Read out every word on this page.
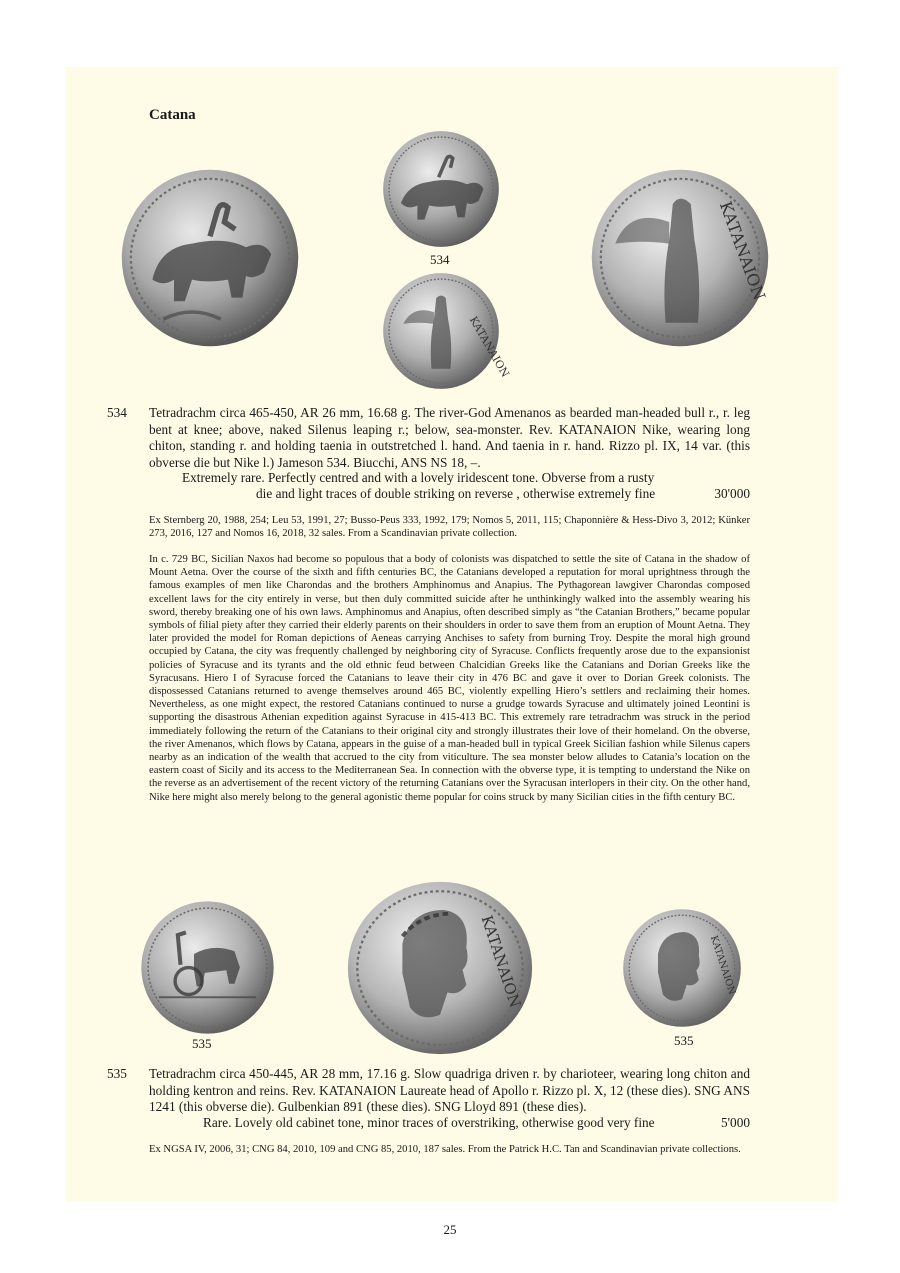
Catana
534
KATANAION
KATANAION
534 Tetradrachm circa 465-450, AR 26 mm, 16.68 g. The river-God Amenanos as bearded man-headed bull r., r. leg bent at knee; above, naked Silenus leaping r.; below, sea-monster. Rev. KATANAION Nike, wearing long chiton, standing r. and holding taenia in outstretched l. hand. And taenia in r. hand. Rizzo pl. IX, 14 var. (this obverse die but Nike l.) Jameson 534. Biucchi, ANS NS 18, –.
Extremely rare. Perfectly centred and with a lovely iridescent tone. Obverse from a rusty
die and light traces of double striking on reverse , otherwise extremely fine	30'000
Ex Sternberg 20, 1988, 254; Leu 53, 1991, 27; Busso-Peus 333, 1992, 179; Nomos 5, 2011, 115; Chaponnière & Hess-Divo 3, 2012; Künker 273, 2016, 127 and Nomos 16, 2018, 32 sales. From a Scandinavian private collection.
In c. 729 BC, Sicilian Naxos had become so populous that a body of colonists was dispatched to settle the site of Catana in the shadow of Mount Aetna. Over the course of the sixth and fifth centuries BC, the Catanians developed a reputation for moral uprightness through the famous examples of men like Charondas and the brothers Amphinomus and Anapius. The Pythagorean lawgiver Charondas composed excellent laws for the city entirely in verse, but then duly committed suicide after he unthinkingly walked into the assembly wearing his sword, thereby breaking one of his own laws. Amphinomus and Anapius, often described simply as “the Catanian Brothers,” became popular symbols of filial piety after they carried their elderly parents on their shoulders in order to save them from an eruption of Mount Aetna. They later provided the model for Roman depictions of Aeneas carrying Anchises to safety from burning Troy. Despite the moral high ground occupied by Catana, the city was frequently challenged by neighboring city of Syracuse. Conflicts frequently arose due to the expansionist policies of Syracuse and its tyrants and the old ethnic feud between Chalcidian Greeks like the Catanians and Dorian Greeks like the Syracusans. Hiero I of Syracuse forced the Catanians to leave their city in 476 BC and gave it over to Dorian Greek colonists. The dispossessed Catanians returned to avenge themselves around 465 BC, violently expelling Hiero’s settlers and reclaiming their homes. Nevertheless, as one might expect, the restored Catanians continued to nurse a grudge towards Syracuse and ultimately joined Leontini is supporting the disastrous Athenian expedition against Syracuse in 415-413 BC. This extremely rare tetradrachm was struck in the period immediately following the return of the Catanians to their original city and strongly illustrates their love of their homeland. On the obverse, the river Amenanos, which flows by Catana, appears in the guise of a man-headed bull in typical Greek Sicilian fashion while Silenus capers nearby as an indication of the wealth that accrued to the city from viticulture. The sea monster below alludes to Catania’s location on the eastern coast of Sicily and its access to the Mediterranean Sea. In connection with the obverse type, it is tempting to understand the Nike on the reverse as an advertisement of the recent victory of the returning Catanians over the Syracusan interlopers in their city. On the other hand, Nike here might also merely belong to the general agonistic theme popular for coins struck by many Sicilian cities in the fifth century BC.
535
KATANAION	KATANAION
535
535 Tetradrachm circa 450-445, AR 28 mm, 17.16 g. Slow quadriga driven r. by charioteer, wearing long chiton and holding kentron and reins. Rev. KATANAION Laureate head of Apollo r. Rizzo pl. X, 12 (these dies). SNG ANS 1241 (this obverse die). Gulbenkian 891 (these dies). SNG Lloyd 891 (these dies).
Rare. Lovely old cabinet tone, minor traces of overstriking, otherwise good very fine	5'000
Ex NGSA IV, 2006, 31; CNG 84, 2010, 109 and CNG 85, 2010, 187 sales. From the Patrick H.C. Tan and Scandinavian private collections.
25
